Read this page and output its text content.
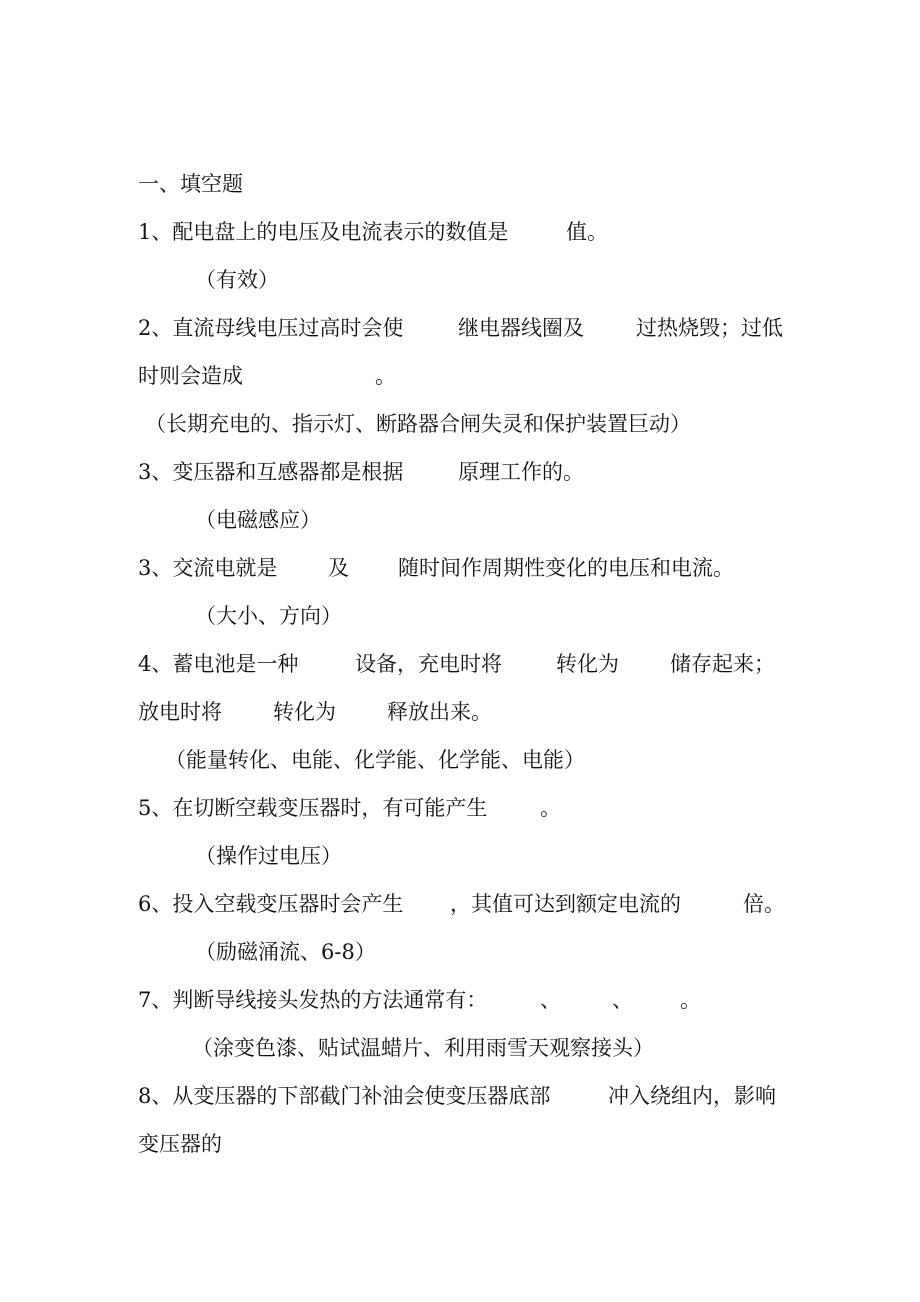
一、填空题

1、配电盘上的电压及电流表示的数值是

	值。

（有效）

2、直流母线电压过高时会使

	继电器线圈及

过热烧毁；过低

时则会造成

	。

（长期充电的、指示灯、断路器合闸失灵和保护装置巨动）

3、变压器和互感器都是根据

	原理工作的。

（电磁感应）

3、交流电就是

及

随时间作周期性变化的电压和电流。

（大小、方向）

4、蓄电池是一种

	设备，充电时将

	转化为

储存起来；

放电时将

转化为

释放出来。

（能量转化、电能、化学能、化学能、电能）

5、在切断空载变压器时，有可能产生

	。

（操作过电压）

6、投入空载变压器时会产生

，其值可达到额定电流的

	倍。

（励磁涌流、6-8）

7、判断导线接头发热的方法通常有：

	、

、

。

（涂变色漆、贴试温蜡片、利用雨雪天观察接头）

8、从变压器的下部截门补油会使变压器底部

	冲入绕组内，影响

变压器的
